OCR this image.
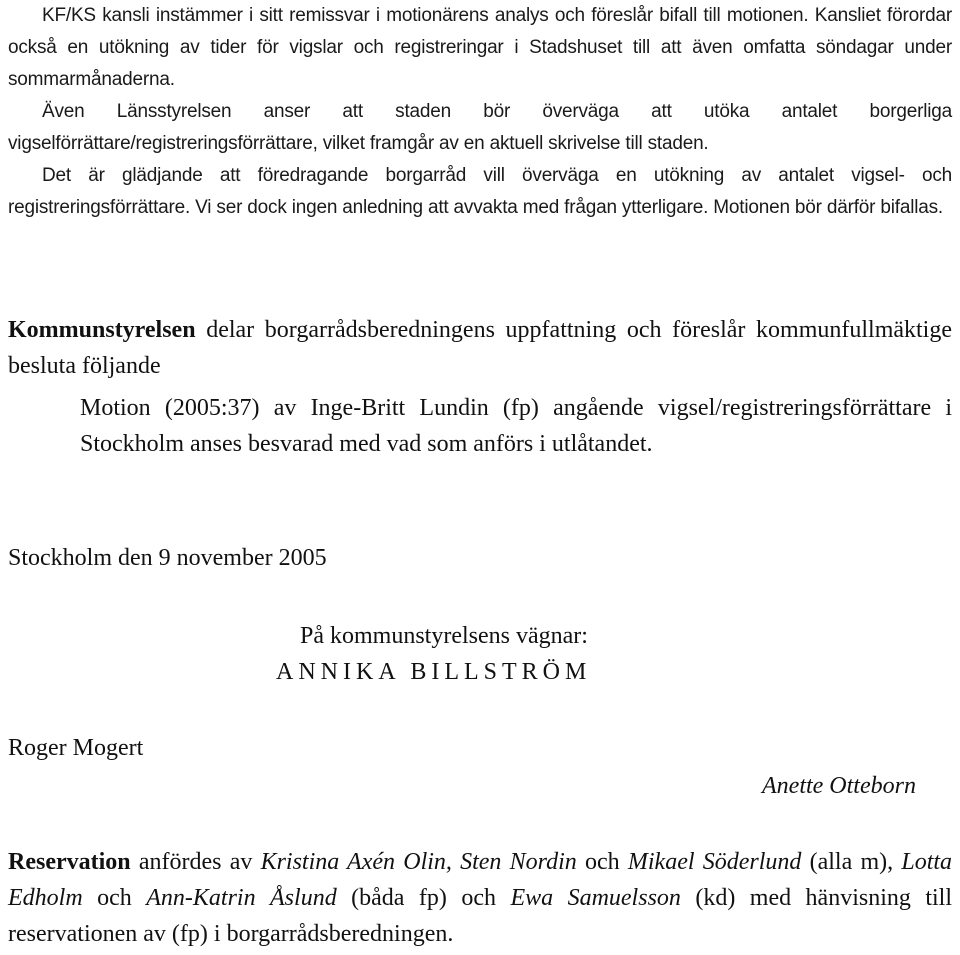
KF/KS kansli instämmer i sitt remissvar i motionärens analys och föreslår bifall till motionen. Kansliet förordar också en utökning av tider för vigslar och registreringar i Stadshuset till att även omfatta söndagar under sommarmånaderna.

Även Länsstyrelsen anser att staden bör överväga att utöka antalet borgerliga vigselförrättare/registreringsförrättare, vilket framgår av en aktuell skrivelse till staden.

Det är glädjande att föredragande borgarråd vill överväga en utökning av antalet vigsel- och registreringsförrättare. Vi ser dock ingen anledning att avvakta med frågan ytterligare. Motionen bör därför bifallas.

Kommunstyrelsen delar borgarrådsberedningens uppfattning och föreslår kommunfullmäktige besluta följande
Motion (2005:37) av Inge-Britt Lundin (fp) angående vigsel/registreringsförrättare i Stockholm anses besvarad med vad som anförs i utlåtandet.
Stockholm den 9 november 2005
På kommunstyrelsens vägnar:
ANNIKA BILLSTRÖM
Roger Mogert
Anette Otteborn
Reservation anfördes av Kristina Axén Olin, Sten Nordin och Mikael Söderlund (alla m), Lotta Edholm och Ann-Katrin Åslund (båda fp) och Ewa Samuelsson (kd) med hänvisning till reservationen av (fp) i borgarrådsberedningen.
